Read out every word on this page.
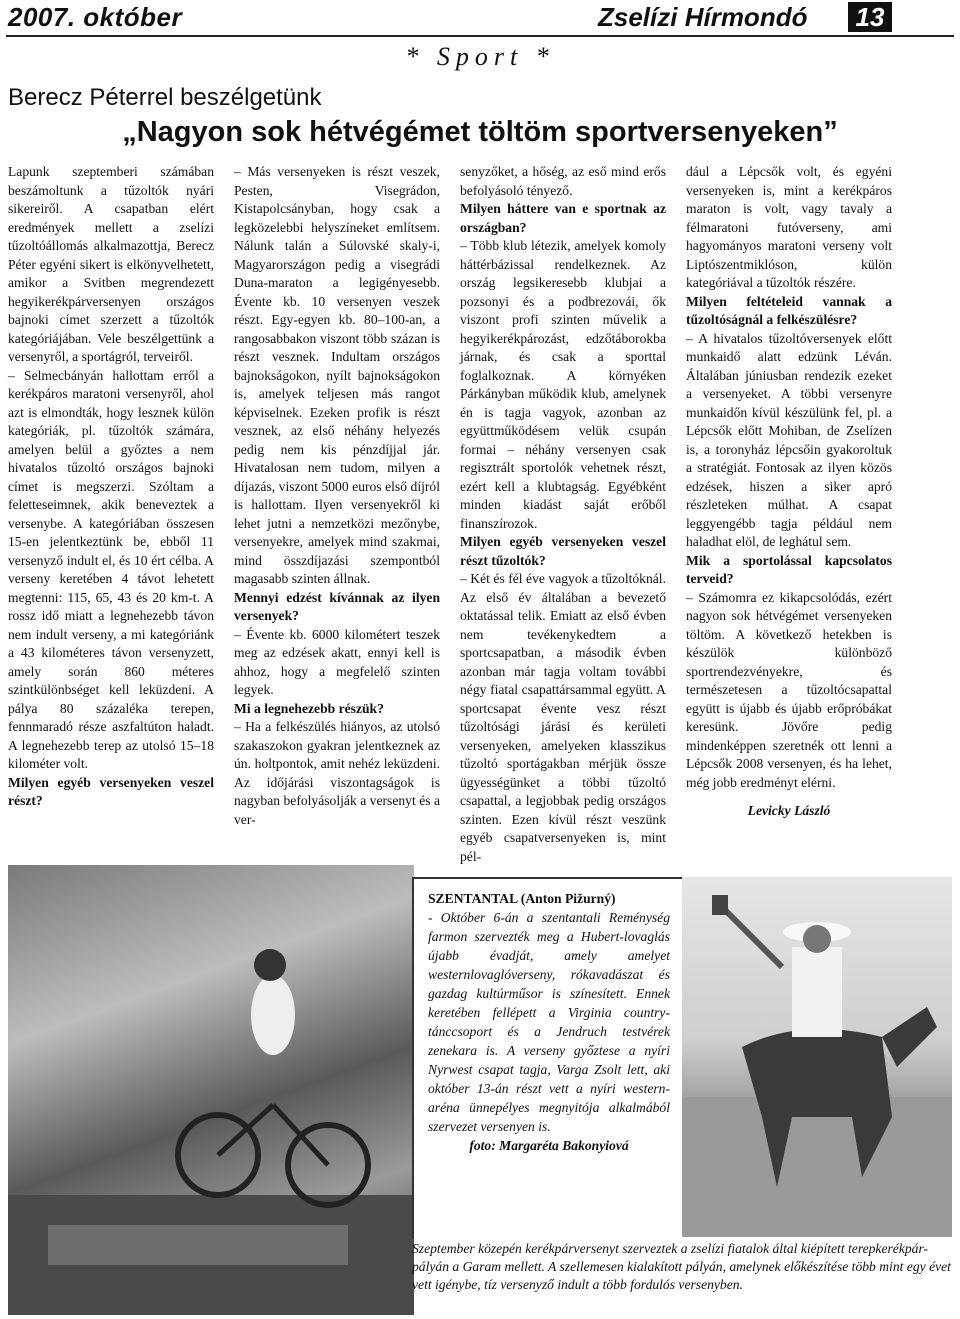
2007. október	Zselízi Hírmondó 13
* Sport *
Berecz Péterrel beszélgetünk
„Nagyon sok hétvégémet töltöm sportversenyeken”

Lapunk szeptemberi számában beszámoltunk a tűzoltók nyári sikereiről. A csapatban elért eredmények mellett a zselízi tűzoltóállomás alkalmazottja, Berecz Péter egyéni sikert is elkönyvelhetett, amikor a Svitben megrendezett hegyikerékpárversenyen országos bajnoki címet szerzett a tűzoltók kategóriájában. Vele beszélgettünk a versenyről, a sportágról, terveiről.

– Selmecbányán hallottam erről a kerékpáros maratoni versenyről, ahol azt is elmondták, hogy lesznek külön kategóriák, pl. tűzoltók számára, amelyen belül a győztes a nem hivatalos tűzoltó országos bajnoki címet is megszerzi. Szóltam a feletteseimnek, akik beneveztek a versenybe. A kategóriában összesen 15-en jelentkeztünk be, ebből 11 versenyző indult el, és 10 ért célba. A verseny keretében 4 távot lehetett megtenni: 115, 65, 43 és 20 km-t. A rossz idő miatt a legnehezebb távon nem indult verseny, a mi kategóriánk a 43 kilométeres távon versenyzett, amely során 860 méteres szintkülönbséget kell leküzdeni. A pálya 80 százaléka terepen, fennmaradó része aszfaltúton haladt. A legnehezebb terep az utolsó 15–18 kilométer volt.

Milyen egyéb versenyeken veszel részt?

– Más versenyeken is részt veszek, Pesten, Visegrádon, Kistapolcsányban, hogy csak a legközelebbi helyszíneket említsem. Nálunk talán a Súlovské skaly-i, Magyarországon pedig a visegrádi Duna-maraton a legigényesebb. Évente kb. 10 versenyen veszek részt. Egy-egyen kb. 80–100-an, a rangosabbakon viszont több százan is részt vesznek. Indultam országos bajnokságokon, nyílt bajnokságokon is, amelyek teljesen más rangot képviselnek. Ezeken profik is részt vesznek, az első néhány helyezés pedig nem kis pénzdíjjal jár. Hivatalosan nem tudom, milyen a díjazás, viszont 5000 euros első díjról is hallottam. Ilyen versenyekről ki lehet jutni a nemzetközi mezőnybe, versenyekre, amelyek mind szakmai, mind összdíjazási szempontból magasabb szinten állnak.

Mennyi edzést kívánnak az ilyen versenyek?

– Évente kb. 6000 kilométert teszek meg az edzések akatt, ennyi kell is ahhoz, hogy a megfelelő szinten legyek.

Mi a legnehezebb részük?

– Ha a felkészülés hiányos, az utolsó szakaszokon gyakran jelentkeznek az ún. holtpontok, amit nehéz leküzdeni. Az időjárási viszontagságok is nagyban befolyásolják a versenyt és a ver-

senyzőket, a hőség, az eső mind erős befolyásoló tényező.

Milyen háttere van e sportnak az országban?

– Több klub létezik, amelyek komoly háttérbázissal rendelkeznek. Az ország legsikeresebb klubjai a pozsonyi és a podbrezovái, ők viszont profi szinten művelik a hegyikerékpározást, edzőtáborokba járnak, és csak a sporttal foglalkoznak. A környéken Párkányban működik klub, amelynek én is tagja vagyok, azonban az együttműködésem velük csupán formai – néhány versenyen csak regisztrált sportolók vehetnek részt, ezért kell a klubtagság. Egyébként minden kiadást saját erőből finanszírozok.

Milyen egyéb versenyeken veszel részt tűzoltók?

– Két és fél éve vagyok a tűzoltóknál. Az első év általában a bevezető oktatással telik. Emiatt az első évben nem tevékenykedtem a sportcsapatban, a második évben azonban már tagja voltam további négy fiatal csapattársammal együtt. A sportcsapat évente vesz részt tűzoltósági járási és kerületi versenyeken, amelyeken klasszikus tűzoltó sportágakban mérjük össze ügyességünket a többi tűzoltó csapattal, a legjobbak pedig országos szinten. Ezen kívül részt veszünk egyéb csapatversenyeken is, mint pél-

dául a Lépcsők volt, és egyéni versenyeken is, mint a kerékpáros maraton is volt, vagy tavaly a félmaratoni futóverseny, ami hagyományos maratoni verseny volt Liptószentmiklóson, külön kategóriával a tűzoltók részére.

Milyen feltételeid vannak a tűzoltóságnál a felkészülésre?

– A hivatalos tűzoltóversenyek előtt munkaidő alatt edzünk Léván. Általában júniusban rendezik ezeket a versenyeket. A többi versenyre munkaidőn kívül készülünk fel, pl. a Lépcsők előtt Mohiban, de Zselízen is, a toronyház lépcsőin gyakoroltuk a stratégiát. Fontosak az ilyen közös edzések, hiszen a siker apró részleteken múlhat. A csapat leggyengébb tagja például nem haladhat elöl, de leghátul sem.

Mik a sportolással kapcsolatos terveid?

– Számomra ez kikapcsolódás, ezért nagyon sok hétvégémet versenyeken töltöm. A következő hetekben is készülök különböző sportrendezvényekre, és természetesen a tűzoltócsapattal együtt is újabb és újabb erőpróbákat keresünk. Jövőre pedig mindenképpen szeretnék ott lenni a Lépcsők 2008 versenyen, és ha lehet, még jobb eredményt elérni.

Levicky László

SZENTANTAL (Anton Pižurný)

- Október 6-án a szentantali Reménység farmon szervezték meg a Hubert-lovaglás újabb évadját, amely amelyet westernlovaglóverseny, rókavadászat és gazdag kultúrműsor is színesített. Ennek keretében fellépett a Virginia country-tánccsoport és a Jendruch testvérek zenekara is. A verseny győztese a nyíri Nyrwest csapat tagja, Varga Zsolt lett, aki október 13-án részt vett a nyíri western-aréna ünnepélyes megnyitója alkalmából szervezet versenyen is.

foto: Margaréta Bakonyiová

Szeptember közepén kerékpárversenyt szerveztek a zselízi fiatalok által kiépített terepkerékpár-pályán a Garam mellett. A szellemesen kialakított pályán, amelynek előkészítése több mint egy évet vett igénybe, tíz versenyző indult a több fordulós versenyben.
